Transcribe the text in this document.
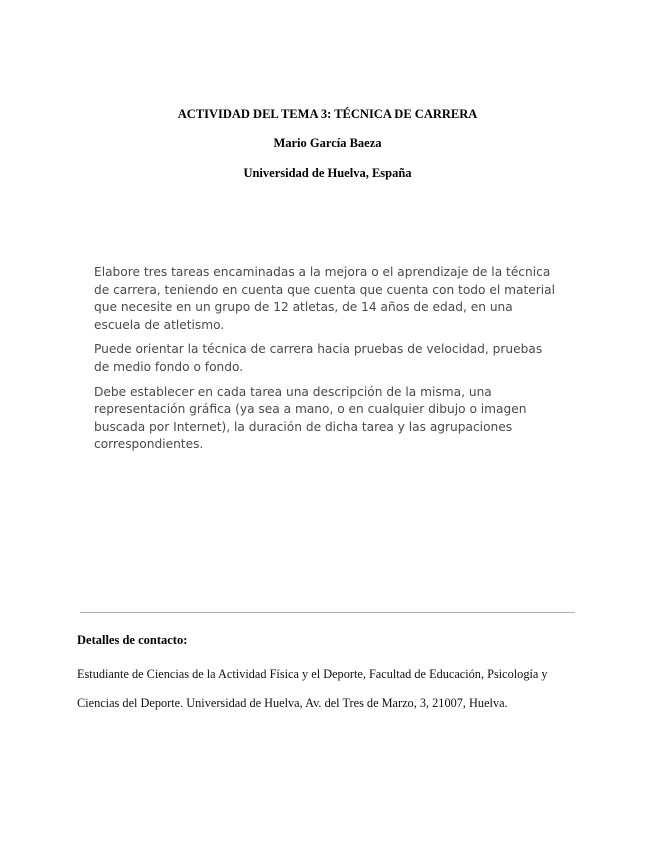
ACTIVIDAD DEL TEMA 3: TÉCNICA DE CARRERA
Mario García Baeza
Universidad de Huelva, España

Elabore tres tareas encaminadas a la mejora o el aprendizaje de la técnica de carrera, teniendo en cuenta que cuenta que cuenta con todo el material que necesite en un grupo de 12 atletas, de 14 años de edad, en una escuela de atletismo.

Puede orientar la técnica de carrera hacia pruebas de velocidad, pruebas de medio fondo o fondo.

Debe establecer en cada tarea una descripción de la misma, una representación gráfica (ya sea a mano, o en cualquier dibujo o imagen buscada por Internet), la duración de dicha tarea y las agrupaciones correspondientes.

Detalles de contacto:

Estudiante de Ciencias de la Actividad Física y el Deporte, Facultad de Educación, Psicología y
Ciencias del Deporte. Universidad de Huelva, Av. del Tres de Marzo, 3, 21007, Huelva.
